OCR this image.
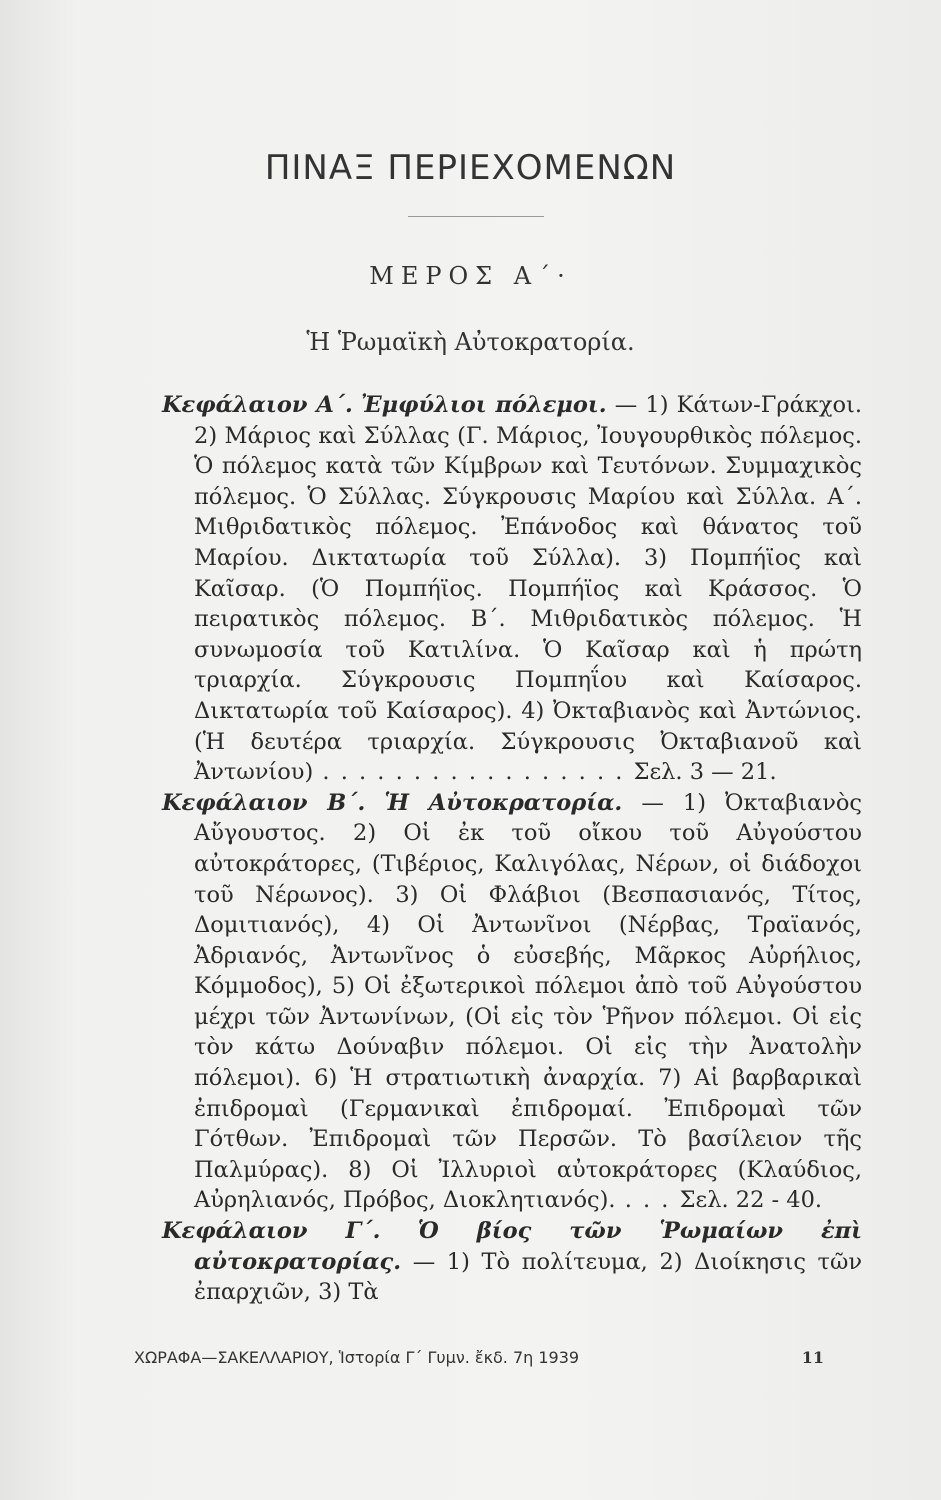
ΠΙΝΑΞ ΠΕΡΙΕΧΟΜΕΝΩΝ
ΜΕΡΟΣ Α΄·
Ἡ Ῥωμαϊκὴ Αὐτοκρατορία.

Κεφάλαιον Α΄. Ἐμφύλιοι πόλεμοι. — 1) Κάτων-Γράκχοι. 2) Μάριος καὶ Σύλλας (Γ. Μάριος, Ἰουγουρθικὸς πόλεμος. Ὁ πόλεμος κατὰ τῶν Κίμβρων καὶ Τευτόνων. Συμμαχικὸς πόλεμος. Ὁ Σύλλας. Σύγκρουσις Μαρίου καὶ Σύλλα. Α΄. Μιθριδατικὸς πόλεμος. Ἐπάνοδος καὶ θάνατος τοῦ Μαρίου. Δικτατωρία τοῦ Σύλλα). 3) Πομπήϊος καὶ Καῖσαρ. (Ὁ Πομπήϊος. Πομπήϊος καὶ Κράσσος. Ὁ πειρατικὸς πόλεμος. Β΄. Μιθριδατικὸς πόλεμος. Ἡ συνωμοσία τοῦ Κατιλίνα. Ὁ Καῖσαρ καὶ ἡ πρώτη τριαρχία. Σύγκρουσις Πομπηΐου καὶ Καίσαρος. Δικτατωρία τοῦ Καίσαρος). 4) Ὀκταβιανὸς καὶ Ἀντώνιος. (Ἡ δευτέρα τριαρχία. Σύγκρουσις Ὀκταβιανοῦ καὶ Ἀντωνίου) . . . . . . . . . . . . . . . . . Σελ. 3 — 21.

Κεφάλαιον Β΄. Ἡ Αὐτοκρατορία. — 1) Ὀκταβιανὸς Αὔγουστος. 2) Οἱ ἐκ τοῦ οἴκου τοῦ Αὐγούστου αὐτοκράτορες, (Τιβέριος, Καλιγόλας, Νέρων, οἱ διάδοχοι τοῦ Νέρωνος). 3) Οἱ Φλάβιοι (Βεσπασιανός, Τίτος, Δομιτιανός), 4) Οἱ Ἀντωνῖνοι (Νέρβας, Τραϊανός, Ἀδριανός, Ἀντωνῖνος ὁ εὐσεβής, Μᾶρκος Αὐρήλιος, Κόμμοδος), 5) Οἱ ἐξωτερικοὶ πόλεμοι ἀπὸ τοῦ Αὐγούστου μέχρι τῶν Ἀντωνίνων, (Οἱ εἰς τὸν Ῥῆνον πόλεμοι. Οἱ εἰς τὸν κάτω Δούναβιν πόλεμοι. Οἱ εἰς τὴν Ἀνατολὴν πόλεμοι). 6) Ἡ στρατιωτικὴ ἀναρχία. 7) Αἱ βαρβαρικαὶ ἐπιδρομαὶ (Γερμανικαὶ ἐπιδρομαί. Ἐπιδρομαὶ τῶν Γότθων. Ἐπιδρομαὶ τῶν Περσῶν. Τὸ βασίλειον τῆς Παλμύρας). 8) Οἱ Ἰλλυριοὶ αὐτοκράτορες (Κλαύδιος, Αὐρηλιανός, Πρόβος, Διοκλητιανός). . . . Σελ. 22 - 40.

Κεφάλαιον Γ΄. Ὁ βίος τῶν Ῥωμαίων ἐπὶ αὐτοκρατορίας. — 1) Τὸ πολίτευμα, 2) Διοίκησις τῶν ἐπαρχιῶν, 3) Τὰ

ΧΩΡΑΦΑ—ΣΑΚΕΛΛΑΡΙΟΥ, Ἱστορία Γ΄ Γυμν. ἔκδ. 7η 1939	11
